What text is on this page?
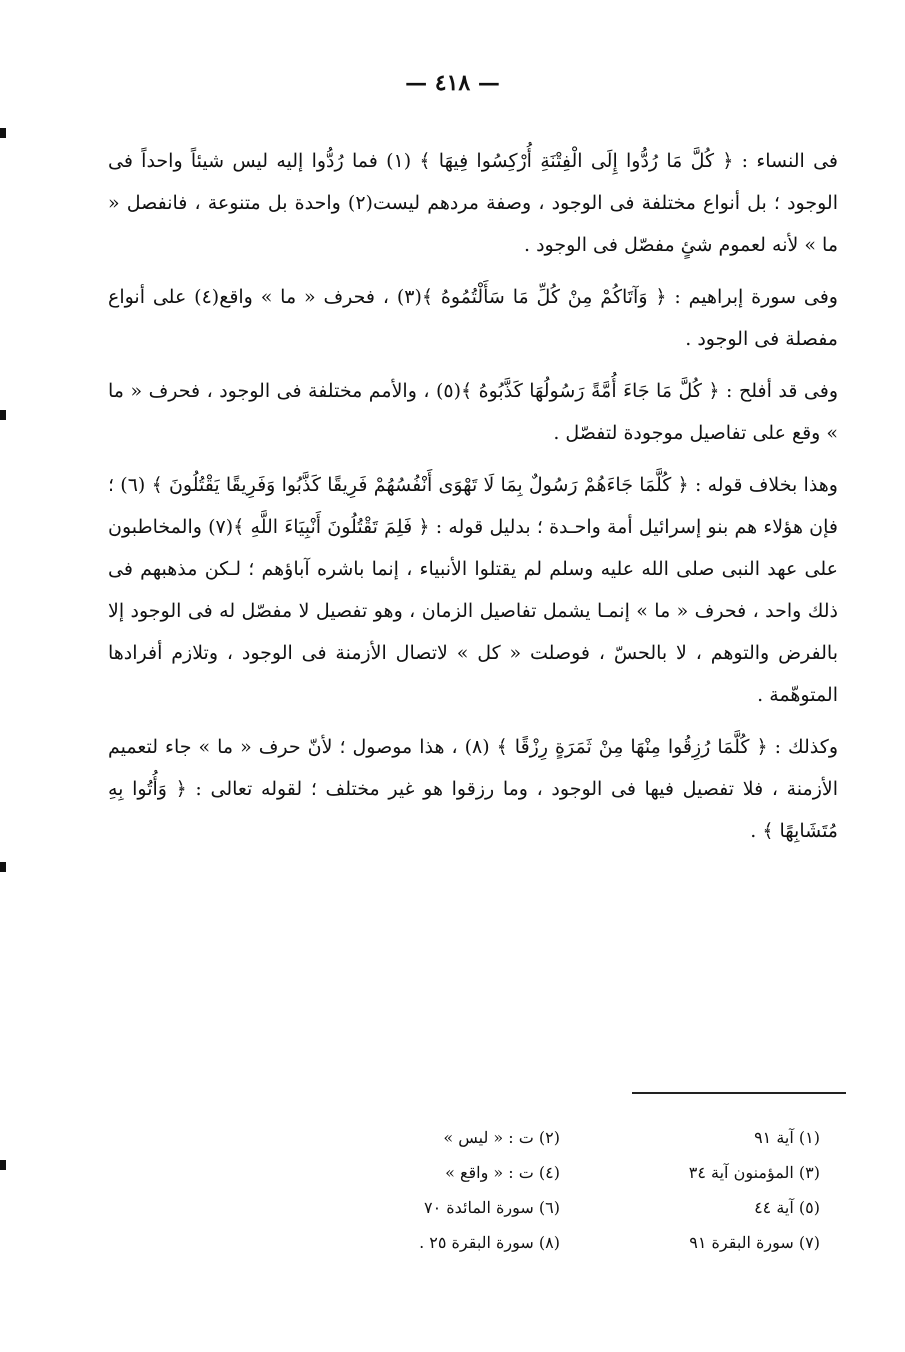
— ٤١٨ —

فى النساء : ﴿ كُلَّ مَا رُدُّوا إِلَى الْفِتْنَةِ أُرْكِسُوا فِيهَا ﴾ (١) فما رُدُّوا إليه ليس شيئاً واحداً فى الوجود ؛ بل أنواع مختلفة فى الوجود ، وصفة مردهم ليست(٢) واحدة بل متنوعة ، فانفصل « ما » لأنه لعموم شئٍ مفصّل فى الوجود .

وفى سورة إبراهيم : ﴿ وَآتَاكُمْ مِنْ كُلِّ مَا سَأَلْتُمُوهُ ﴾(٣) ، فحرف « ما » واقع(٤) على أنواع مفصلة فى الوجود .

وفى قد أفلح : ﴿ كُلَّ مَا جَاءَ أُمَّةً رَسُولُهَا كَذَّبُوهُ ﴾(٥) ، والأمم مختلفة فى الوجود ، فحرف « ما » وقع على تفاصيل موجودة لتفصّل .

وهذا بخلاف قوله : ﴿ كُلَّمَا جَاءَهُمْ رَسُولٌ بِمَا لَا تَهْوَى أَنْفُسُهُمْ فَرِيقًا كَذَّبُوا وَفَرِيقًا يَقْتُلُونَ ﴾ (٦) ؛ فإن هؤلاء هم بنو إسرائيل أمة واحـدة ؛ بدليل قوله : ﴿ فَلِمَ تَقْتُلُونَ أَنْبِيَاءَ اللَّهِ ﴾(٧) والمخاطبون على عهد النبى صلى الله عليه وسلم لم يقتلوا الأنبياء ، إنما باشره آباؤهم ؛ لـكن مذهبهم فى ذلك واحد ، فحرف « ما » إنمـا يشمل تفاصيل الزمان ، وهو تفصيل لا مفصّل له فى الوجود إلا بالفرض والتوهم ، لا بالحسّ ، فوصلت « كل » لاتصال الأزمنة فى الوجود ، وتلازم أفرادها المتوهّمة .

وكذلك : ﴿ كُلَّمَا رُزِقُوا مِنْهَا مِنْ ثَمَرَةٍ رِزْقًا ﴾ (٨) ، هذا موصول ؛ لأنّ حرف « ما » جاء لتعميم الأزمنة ، فلا تفصيل فيها فى الوجود ، وما رزقوا هو غير مختلف ؛ لقوله تعالى : ﴿ وَأُتُوا بِهِ مُتَشَابِهًا ﴾ .

(١) آية ٩١
(٢) ت : « ليس »
(٣) المؤمنون آية ٣٤
(٤) ت : « واقع »
(٥) آية ٤٤
(٦) سورة المائدة ٧٠
(٧) سورة البقرة ٩١
(٨) سورة البقرة ٢٥ .
